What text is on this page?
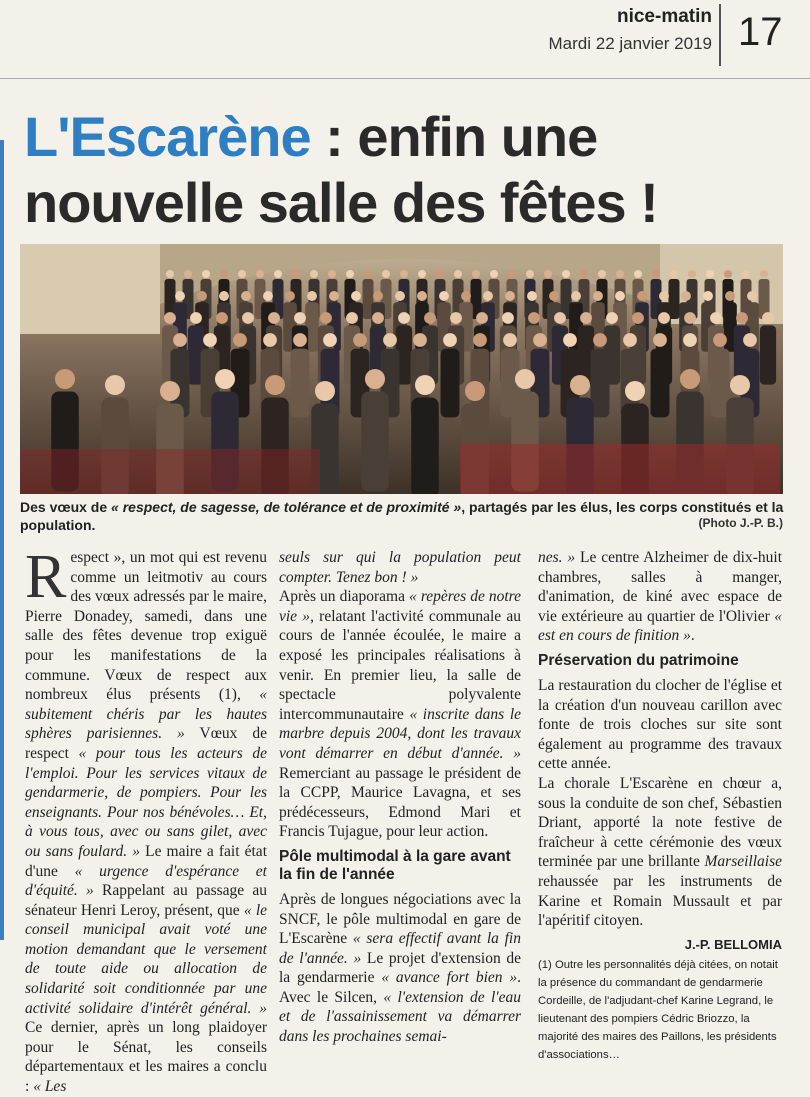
nice-matin
Mardi 22 janvier 2019 17
L'Escarène : enfin une nouvelle salle des fêtes !
Des vœux de « respect, de sagesse, de tolérance et de proximité », partagés par les élus, les corps constitués et la population.	(Photo J.-P. B.)

Respect », un mot qui est revenu comme un leitmotiv au cours des vœux adressés par le maire, Pierre Donadey, samedi, dans une salle des fêtes devenue trop exiguë pour les manifestations de la commune. Vœux de respect aux nombreux élus présents (1), « subitement chéris par les hautes sphères parisiennes. » Vœux de respect « pour tous les acteurs de l'emploi. Pour les services vitaux de gendarmerie, de pompiers. Pour les enseignants. Pour nos bénévoles… Et, à vous tous, avec ou sans gilet, avec ou sans foulard. » Le maire a fait état d'une « urgence d'espérance et d'équité. » Rappelant au passage au sénateur Henri Leroy, présent, que « le conseil municipal avait voté une motion demandant que le versement de toute aide ou allocation de solidarité soit conditionnée par une activité solidaire d'intérêt général. » Ce dernier, après un long plaidoyer pour le Sénat, les conseils départementaux et les maires a conclu : « Les

seuls sur qui la population peut compter. Tenez bon ! »

Après un diaporama « repères de notre vie », relatant l'activité communale au cours de l'année écoulée, le maire a exposé les principales réalisations à venir. En premier lieu, la salle de spectacle polyvalente intercommunautaire « inscrite dans le marbre depuis 2004, dont les travaux vont démarrer en début d'année. » Remerciant au passage le président de la CCPP, Maurice Lavagna, et ses prédécesseurs, Edmond Mari et Francis Tujague, pour leur action.

Pôle multimodal à la gare avant la fin de l'année

Après de longues négociations avec la SNCF, le pôle multimodal en gare de L'Escarène « sera effectif avant la fin de l'année. » Le projet d'extension de la gendarmerie « avance fort bien ». Avec le Silcen, « l'extension de l'eau et de l'assainissement va démarrer dans les prochaines semai-

nes. » Le centre Alzheimer de dix-huit chambres, salles à manger, d'animation, de kiné avec espace de vie extérieure au quartier de l'Olivier « est en cours de finition ».

Préservation du patrimoine

La restauration du clocher de l'église et la création d'un nouveau carillon avec fonte de trois cloches sur site sont également au programme des travaux cette année.

La chorale L'Escarène en chœur a, sous la conduite de son chef, Sébastien Driant, apporté la note festive de fraîcheur à cette cérémonie des vœux terminée par une brillante Marseillaise rehaussée par les instruments de Karine et Romain Mussault et par l'apéritif citoyen.

J.-P. BELLOMIA

(1) Outre les personnalités déjà citées, on notait la présence du commandant de gendarmerie Cordeille, de l'adjudant-chef Karine Legrand, le lieutenant des pompiers Cédric Briozzo, la majorité des maires des Paillons, les présidents d'associations…
